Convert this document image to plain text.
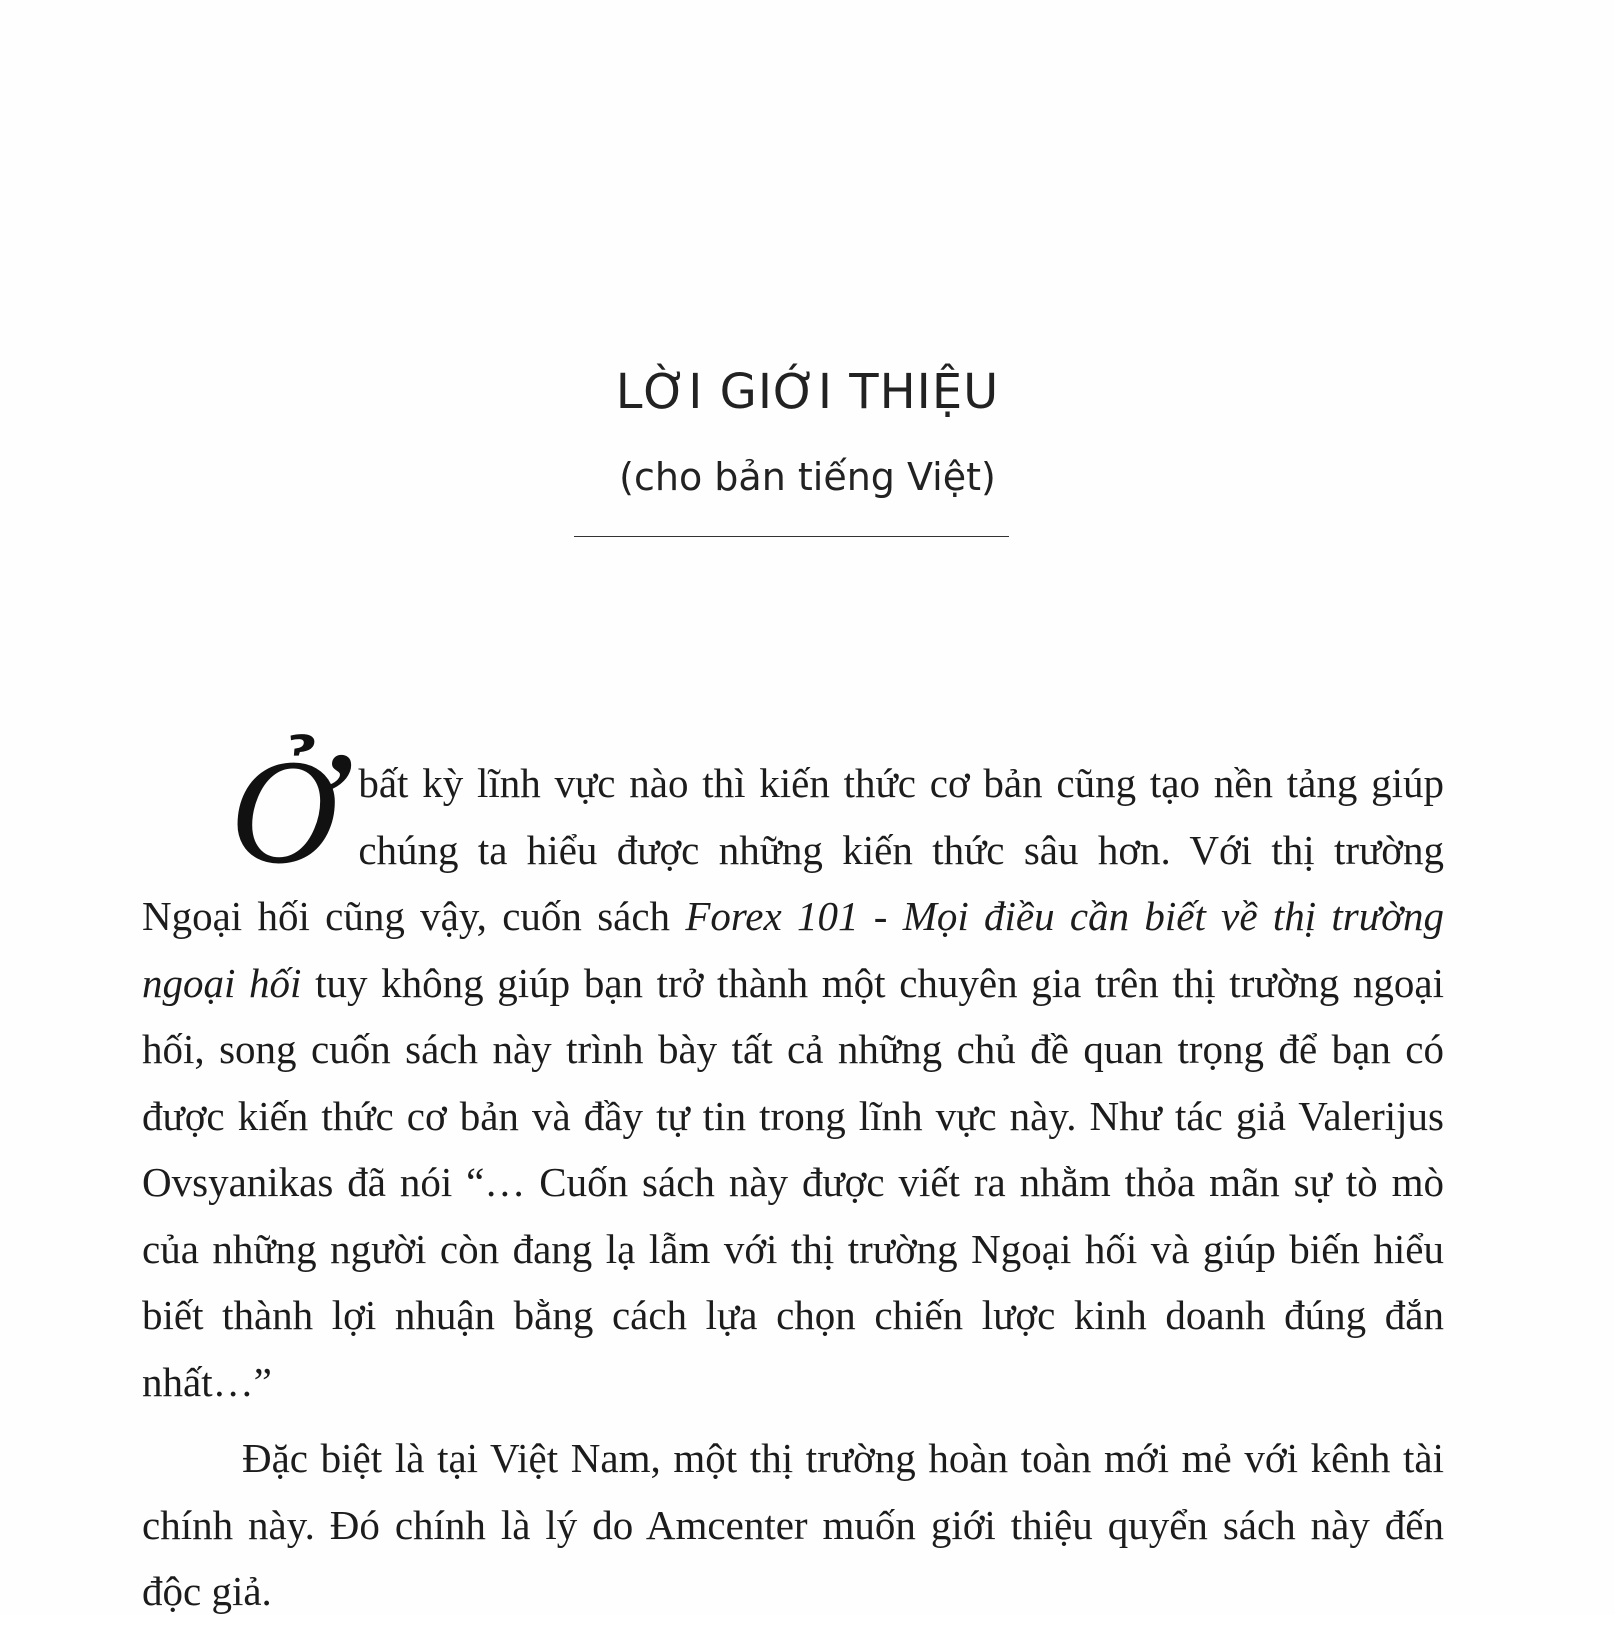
LỜI GIỚI THIỆU
(cho bản tiếng Việt)

Ởbất kỳ lĩnh vực nào thì kiến thức cơ bản cũng tạo nền tảng giúp chúng ta hiểu được những kiến thức sâu hơn. Với thị trường Ngoại hối cũng vậy, cuốn sách Forex 101 - Mọi điều cần biết về thị trường ngoại hối tuy không giúp bạn trở thành một chuyên gia trên thị trường ngoại hối, song cuốn sách này trình bày tất cả những chủ đề quan trọng để bạn có được kiến thức cơ bản và đầy tự tin trong lĩnh vực này. Như tác giả Valerijus Ovsyanikas đã nói “… Cuốn sách này được viết ra nhằm thỏa mãn sự tò mò của những người còn đang lạ lẫm với thị trường Ngoại hối và giúp biến hiểu biết thành lợi nhuận bằng cách lựa chọn chiến lược kinh doanh đúng đắn nhất…”

Đặc biệt là tại Việt Nam, một thị trường hoàn toàn mới mẻ với kênh tài chính này. Đó chính là lý do Amcenter muốn giới thiệu quyển sách này đến độc giả.
